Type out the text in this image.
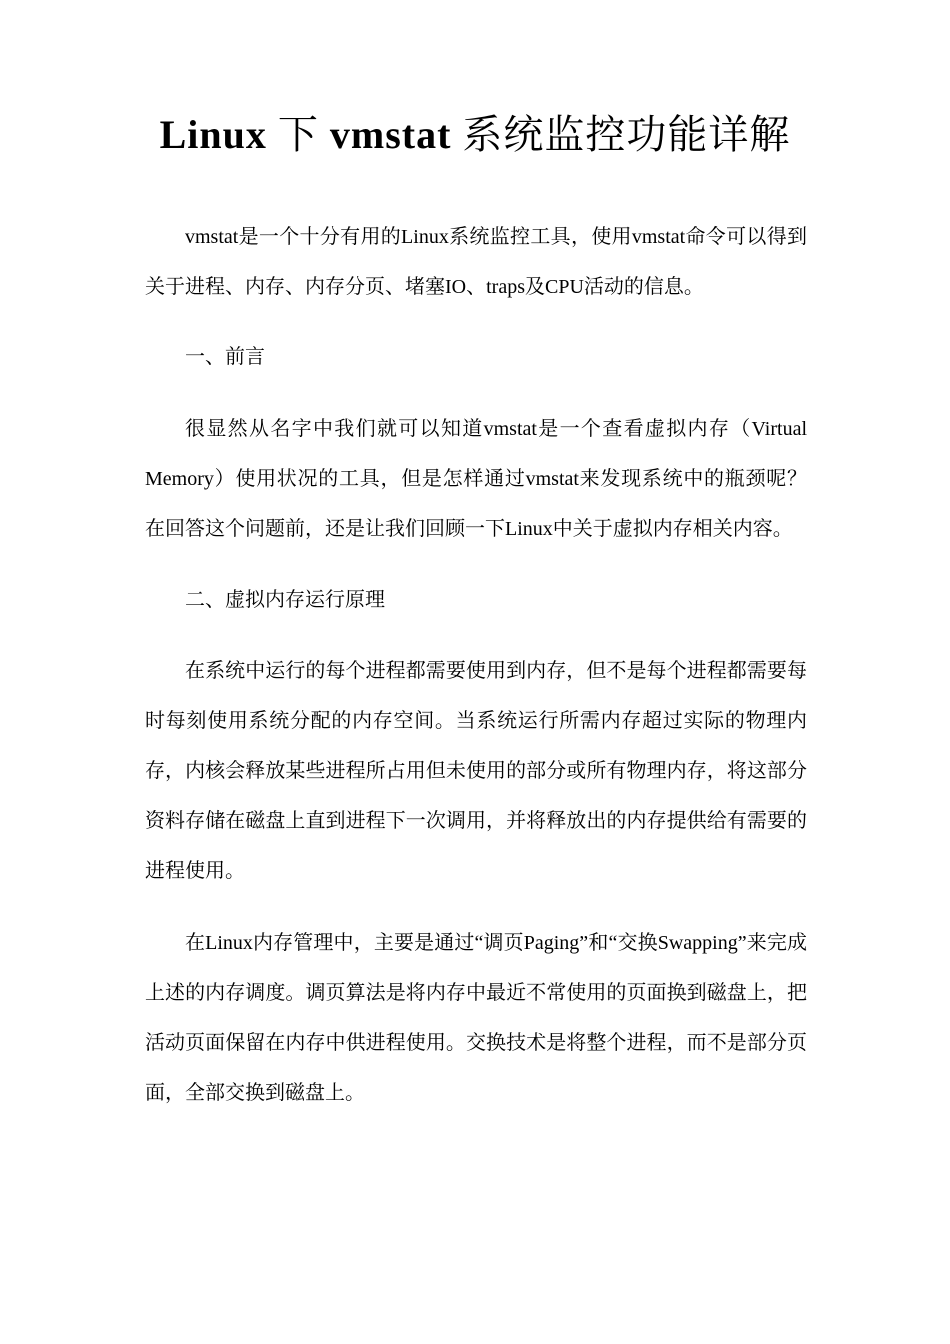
Linux 下 vmstat 系统监控功能详解

vmstat是一个十分有用的Linux系统监控工具，使用vmstat命令可以得到关于进程、内存、内存分页、堵塞IO、traps及CPU活动的信息。

一、前言

很显然从名字中我们就可以知道vmstat是一个查看虚拟内存（Virtual Memory）使用状况的工具，但是怎样通过vmstat来发现系统中的瓶颈呢？在回答这个问题前，还是让我们回顾一下Linux中关于虚拟内存相关内容。

二、虚拟内存运行原理

在系统中运行的每个进程都需要使用到内存，但不是每个进程都需要每时每刻使用系统分配的内存空间。当系统运行所需内存超过实际的物理内存，内核会释放某些进程所占用但未使用的部分或所有物理内存，将这部分资料存储在磁盘上直到进程下一次调用，并将释放出的内存提供给有需要的进程使用。

在Linux内存管理中，主要是通过“调页Paging”和“交换Swapping”来完成上述的内存调度。调页算法是将内存中最近不常使用的页面换到磁盘上，把活动页面保留在内存中供进程使用。交换技术是将整个进程，而不是部分页面，全部交换到磁盘上。
